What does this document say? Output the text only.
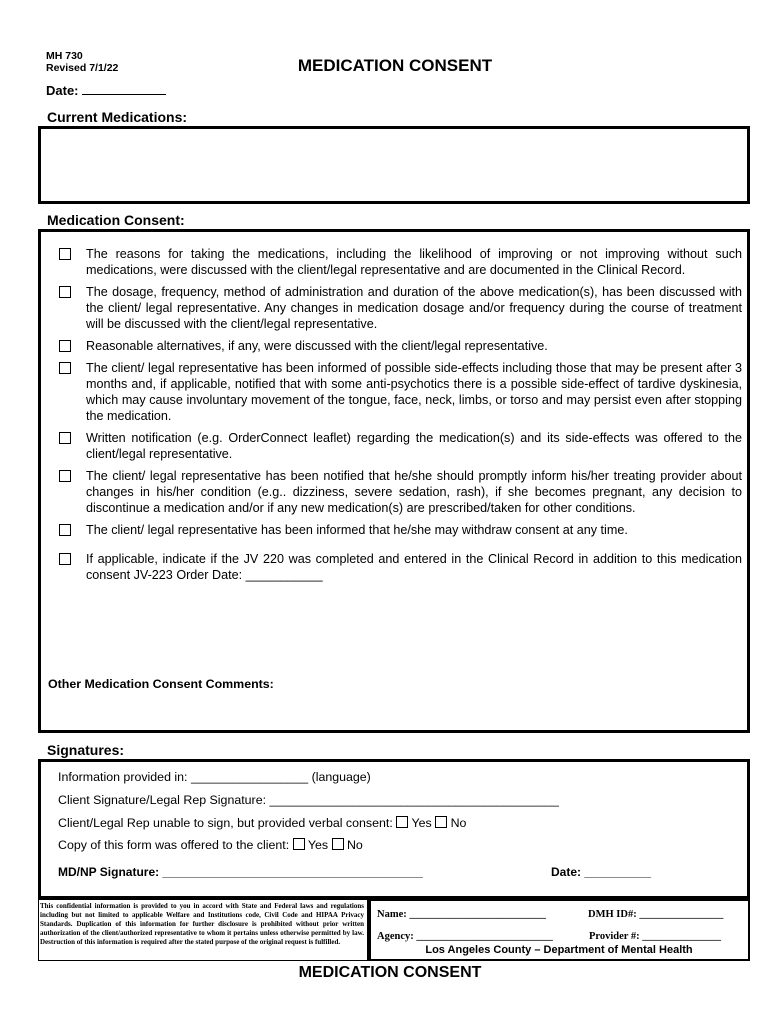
MH 730
Revised 7/1/22	MEDICATION CONSENT
Date:
Current Medications:
Medication Consent:
The reasons for taking the medications, including the likelihood of improving or not improving without such medications, were discussed with the client/legal representative and are documented in the Clinical Record.
The dosage, frequency, method of administration and duration of the above medication(s), has been discussed with the client/ legal representative. Any changes in medication dosage and/or frequency during the course of treatment will be discussed with the client/legal representative.
Reasonable alternatives, if any, were discussed with the client/legal representative.
The client/ legal representative has been informed of possible side-effects including those that may be present after 3 months and, if applicable, notified that with some anti-psychotics there is a possible side-effect of tardive dyskinesia, which may cause involuntary movement of the tongue, face, neck, limbs, or torso and may persist even after stopping the medication.
Written notification (e.g. OrderConnect leaflet) regarding the medication(s) and its side-effects was offered to the client/legal representative.
The client/ legal representative has been notified that he/she should promptly inform his/her treating provider about changes in his/her condition (e.g.. dizziness, severe sedation, rash), if she becomes pregnant, any decision to discontinue a medication and/or if any new medication(s) are prescribed/taken for other conditions.
The client/ legal representative has been informed that he/she may withdraw consent at any time.
If applicable, indicate if the JV 220 was completed and entered in the Clinical Record in addition to this medication consent JV-223 Order Date: ___________
Other Medication Consent Comments:
Signatures:
Information provided in: _________________ (language)
Client Signature/Legal Rep Signature: __________________________________________
Client/Legal Rep unable to sign, but provided verbal consent: Yes No
Copy of this form was offered to the client: Yes No
MD/NP Signature: _______________________________________	Date: __________
This confidential information is provided to you in accord with State and Federal laws and regulations including but not limited to applicable Welfare and Institutions code, Civil Code and HIPAA Privacy Standards. Duplication of this information for further disclosure is prohibited without prior written authorization of the client/authorized representative to whom it pertains unless otherwise permitted by law. Destruction of this information is required after the stated purpose of the original request is fulfilled.
Name: __________________________	DMH ID#: ________________
Agency: __________________________	Provider #: _______________
Los Angeles County – Department of Mental Health
MEDICATION CONSENT
